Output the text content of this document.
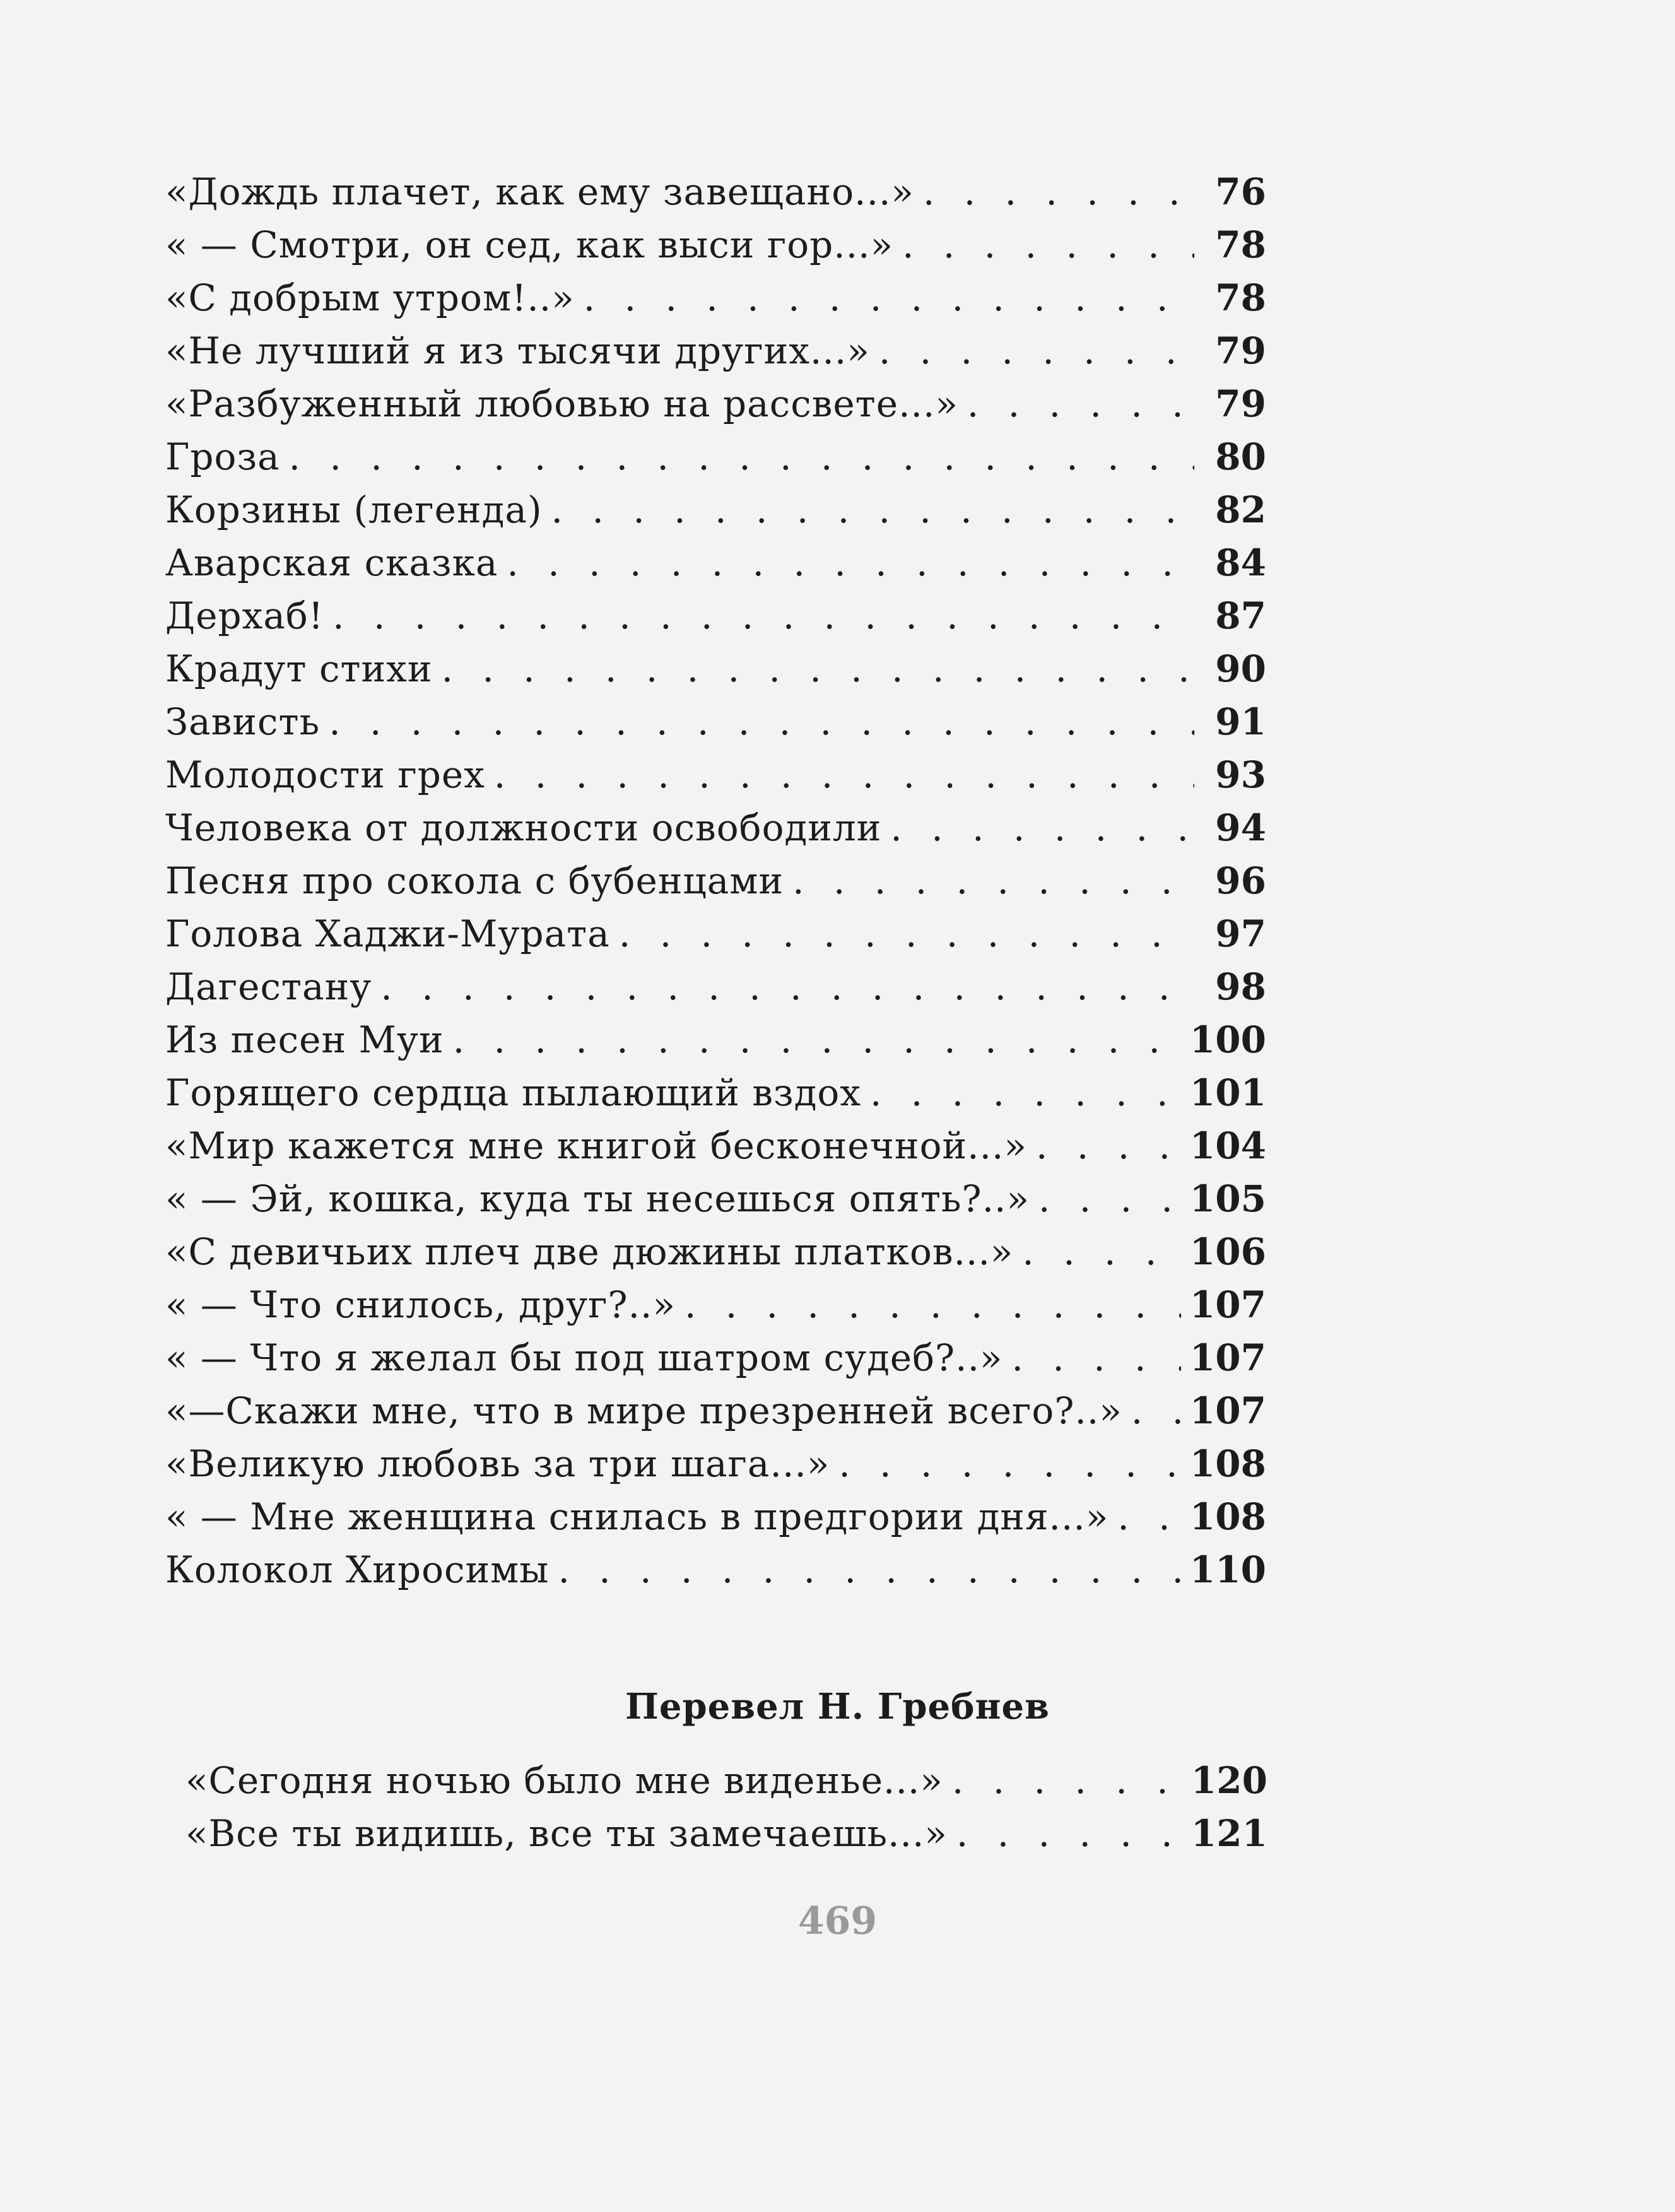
«Дождь плачет, как ему завещано...» . . .	76
« — Смотри, он сед, как выси гор...» . . .	78
«С добрым утром!..» . . .	78
«Не лучший я из тысячи других...» . . .	79
«Разбуженный любовью на рассвете...» . . .	79
Гроза . . .	80
Корзины (легенда) . . .	82
Аварская сказка . . .	84
Дерхаб! . . .	87
Крадут стихи . . .	90
Зависть . . .	91
Молодости грех . . .	93
Человека от должности освободили . . .	94
Песня про сокола с бубенцами . . .	96
Голова Хаджи-Мурата . . .	97
Дагестану . . .	98
Из песен Муи . . .	100
Горящего сердца пылающий вздох . . .	101
«Мир кажется мне книгой бесконечной...» . . .	104
« — Эй, кошка, куда ты несешься опять?..» . . .	105
«С девичьих плеч две дюжины платков...» . . .	106
« — Что снилось, друг?..» . . .	107
« — Что я желал бы под шатром судеб?..» . . .	107
«—Скажи мне, что в мире презренней всего?..» . . . 107
«Великую любовь за три шага...» . . .	108
« — Мне женщина снилась в предгории дня...» . . . 108
Колокол Хиросимы . . .	110
Перевел Н. Гребнев
«Сегодня ночью было мне виденье...» . . .	120
«Все ты видишь, все ты замечаешь...» . . .	121
469
